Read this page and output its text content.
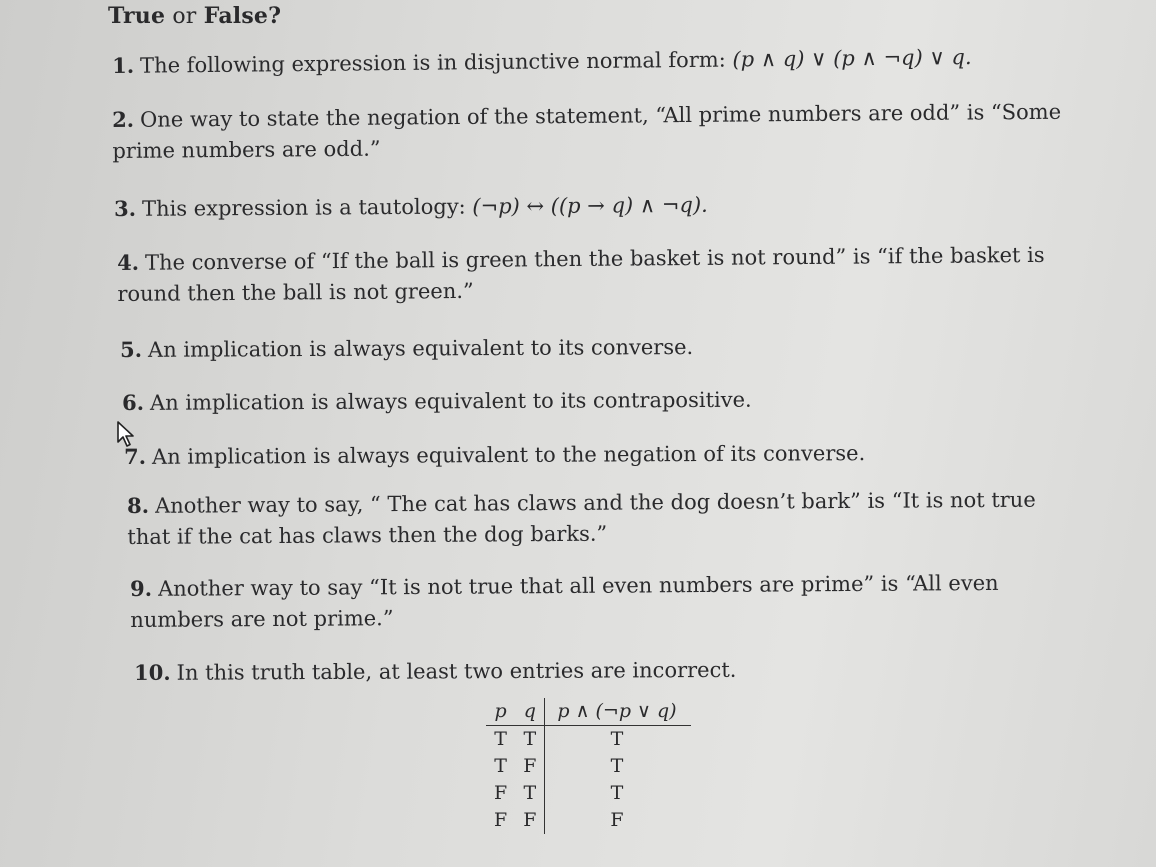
True or False?
1. The following expression is in disjunctive normal form: (p ∧ q) ∨ (p ∧ ¬q) ∨ q.
2. One way to state the negation of the statement, “All prime numbers are odd” is “Some
prime numbers are odd.”
3. This expression is a tautology: (¬p) ↔ ((p → q) ∧ ¬q).
4. The converse of “If the ball is green then the basket is not round” is “if the basket is
round then the ball is not green.”
5. An implication is always equivalent to its converse.
6. An implication is always equivalent to its contrapositive.
7. An implication is always equivalent to the negation of its converse.
8. Another way to say, “ The cat has claws and the dog doesn’t bark” is “It is not true
that if the cat has claws then the dog barks.”
9. Another way to say “It is not true that all even numbers are prime” is “All even
numbers are not prime.”
10. In this truth table, at least two entries are incorrect.
p	q	p ∧ (¬p ∨ q)
T	T	T
T	F	T
F	T	T
F	F	F
